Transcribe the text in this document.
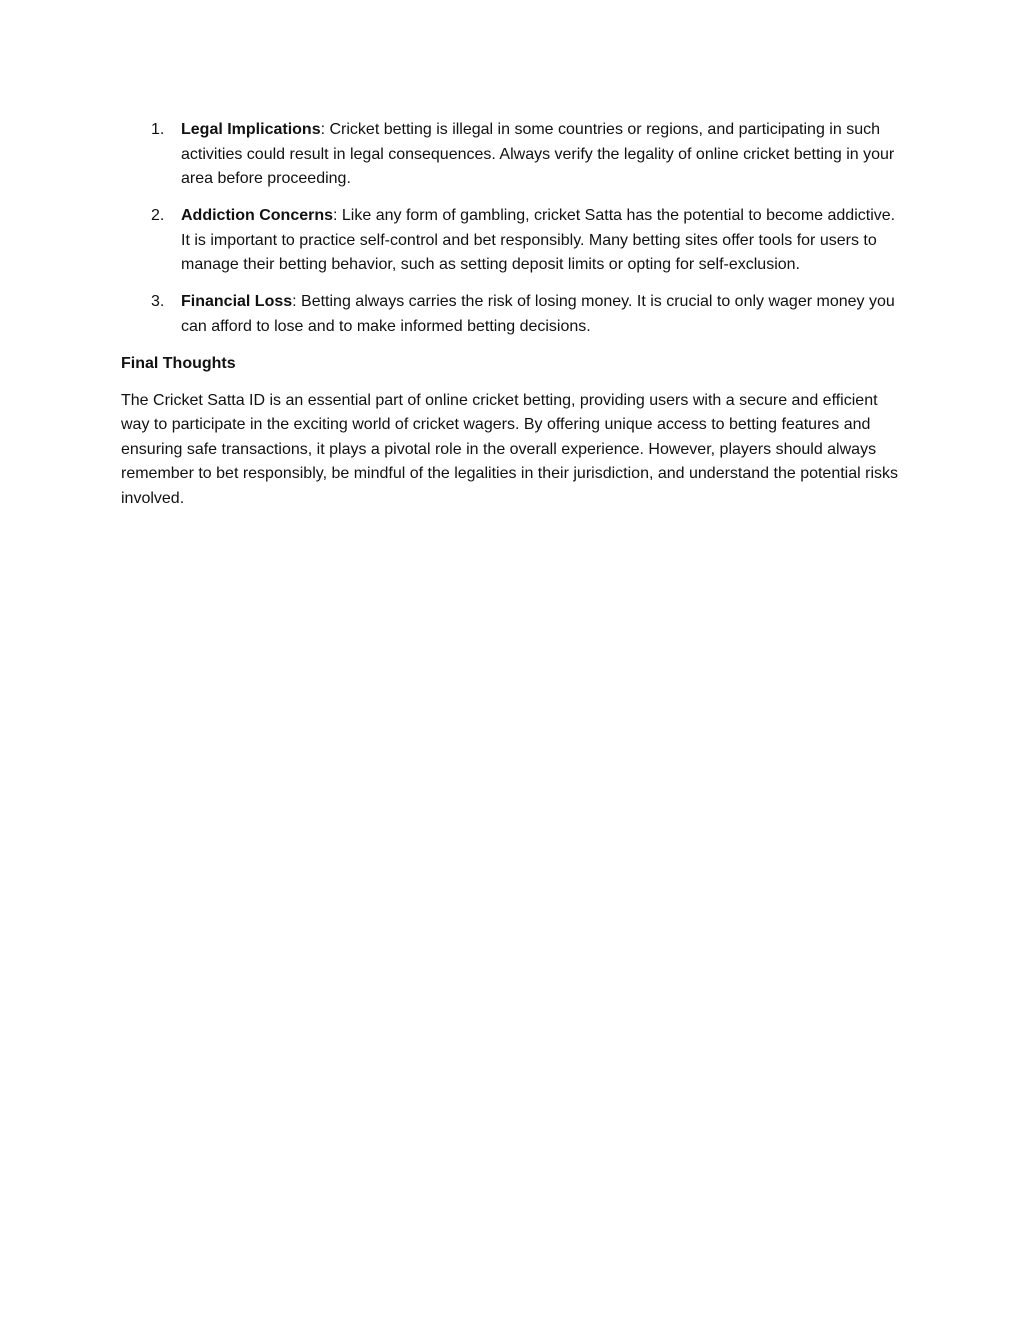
1. Legal Implications: Cricket betting is illegal in some countries or regions, and participating in such activities could result in legal consequences. Always verify the legality of online cricket betting in your area before proceeding.
2. Addiction Concerns: Like any form of gambling, cricket Satta has the potential to become addictive. It is important to practice self-control and bet responsibly. Many betting sites offer tools for users to manage their betting behavior, such as setting deposit limits or opting for self-exclusion.
3. Financial Loss: Betting always carries the risk of losing money. It is crucial to only wager money you can afford to lose and to make informed betting decisions.

Final Thoughts

The Cricket Satta ID is an essential part of online cricket betting, providing users with a secure and efficient way to participate in the exciting world of cricket wagers. By offering unique access to betting features and ensuring safe transactions, it plays a pivotal role in the overall experience. However, players should always remember to bet responsibly, be mindful of the legalities in their jurisdiction, and understand the potential risks involved.
